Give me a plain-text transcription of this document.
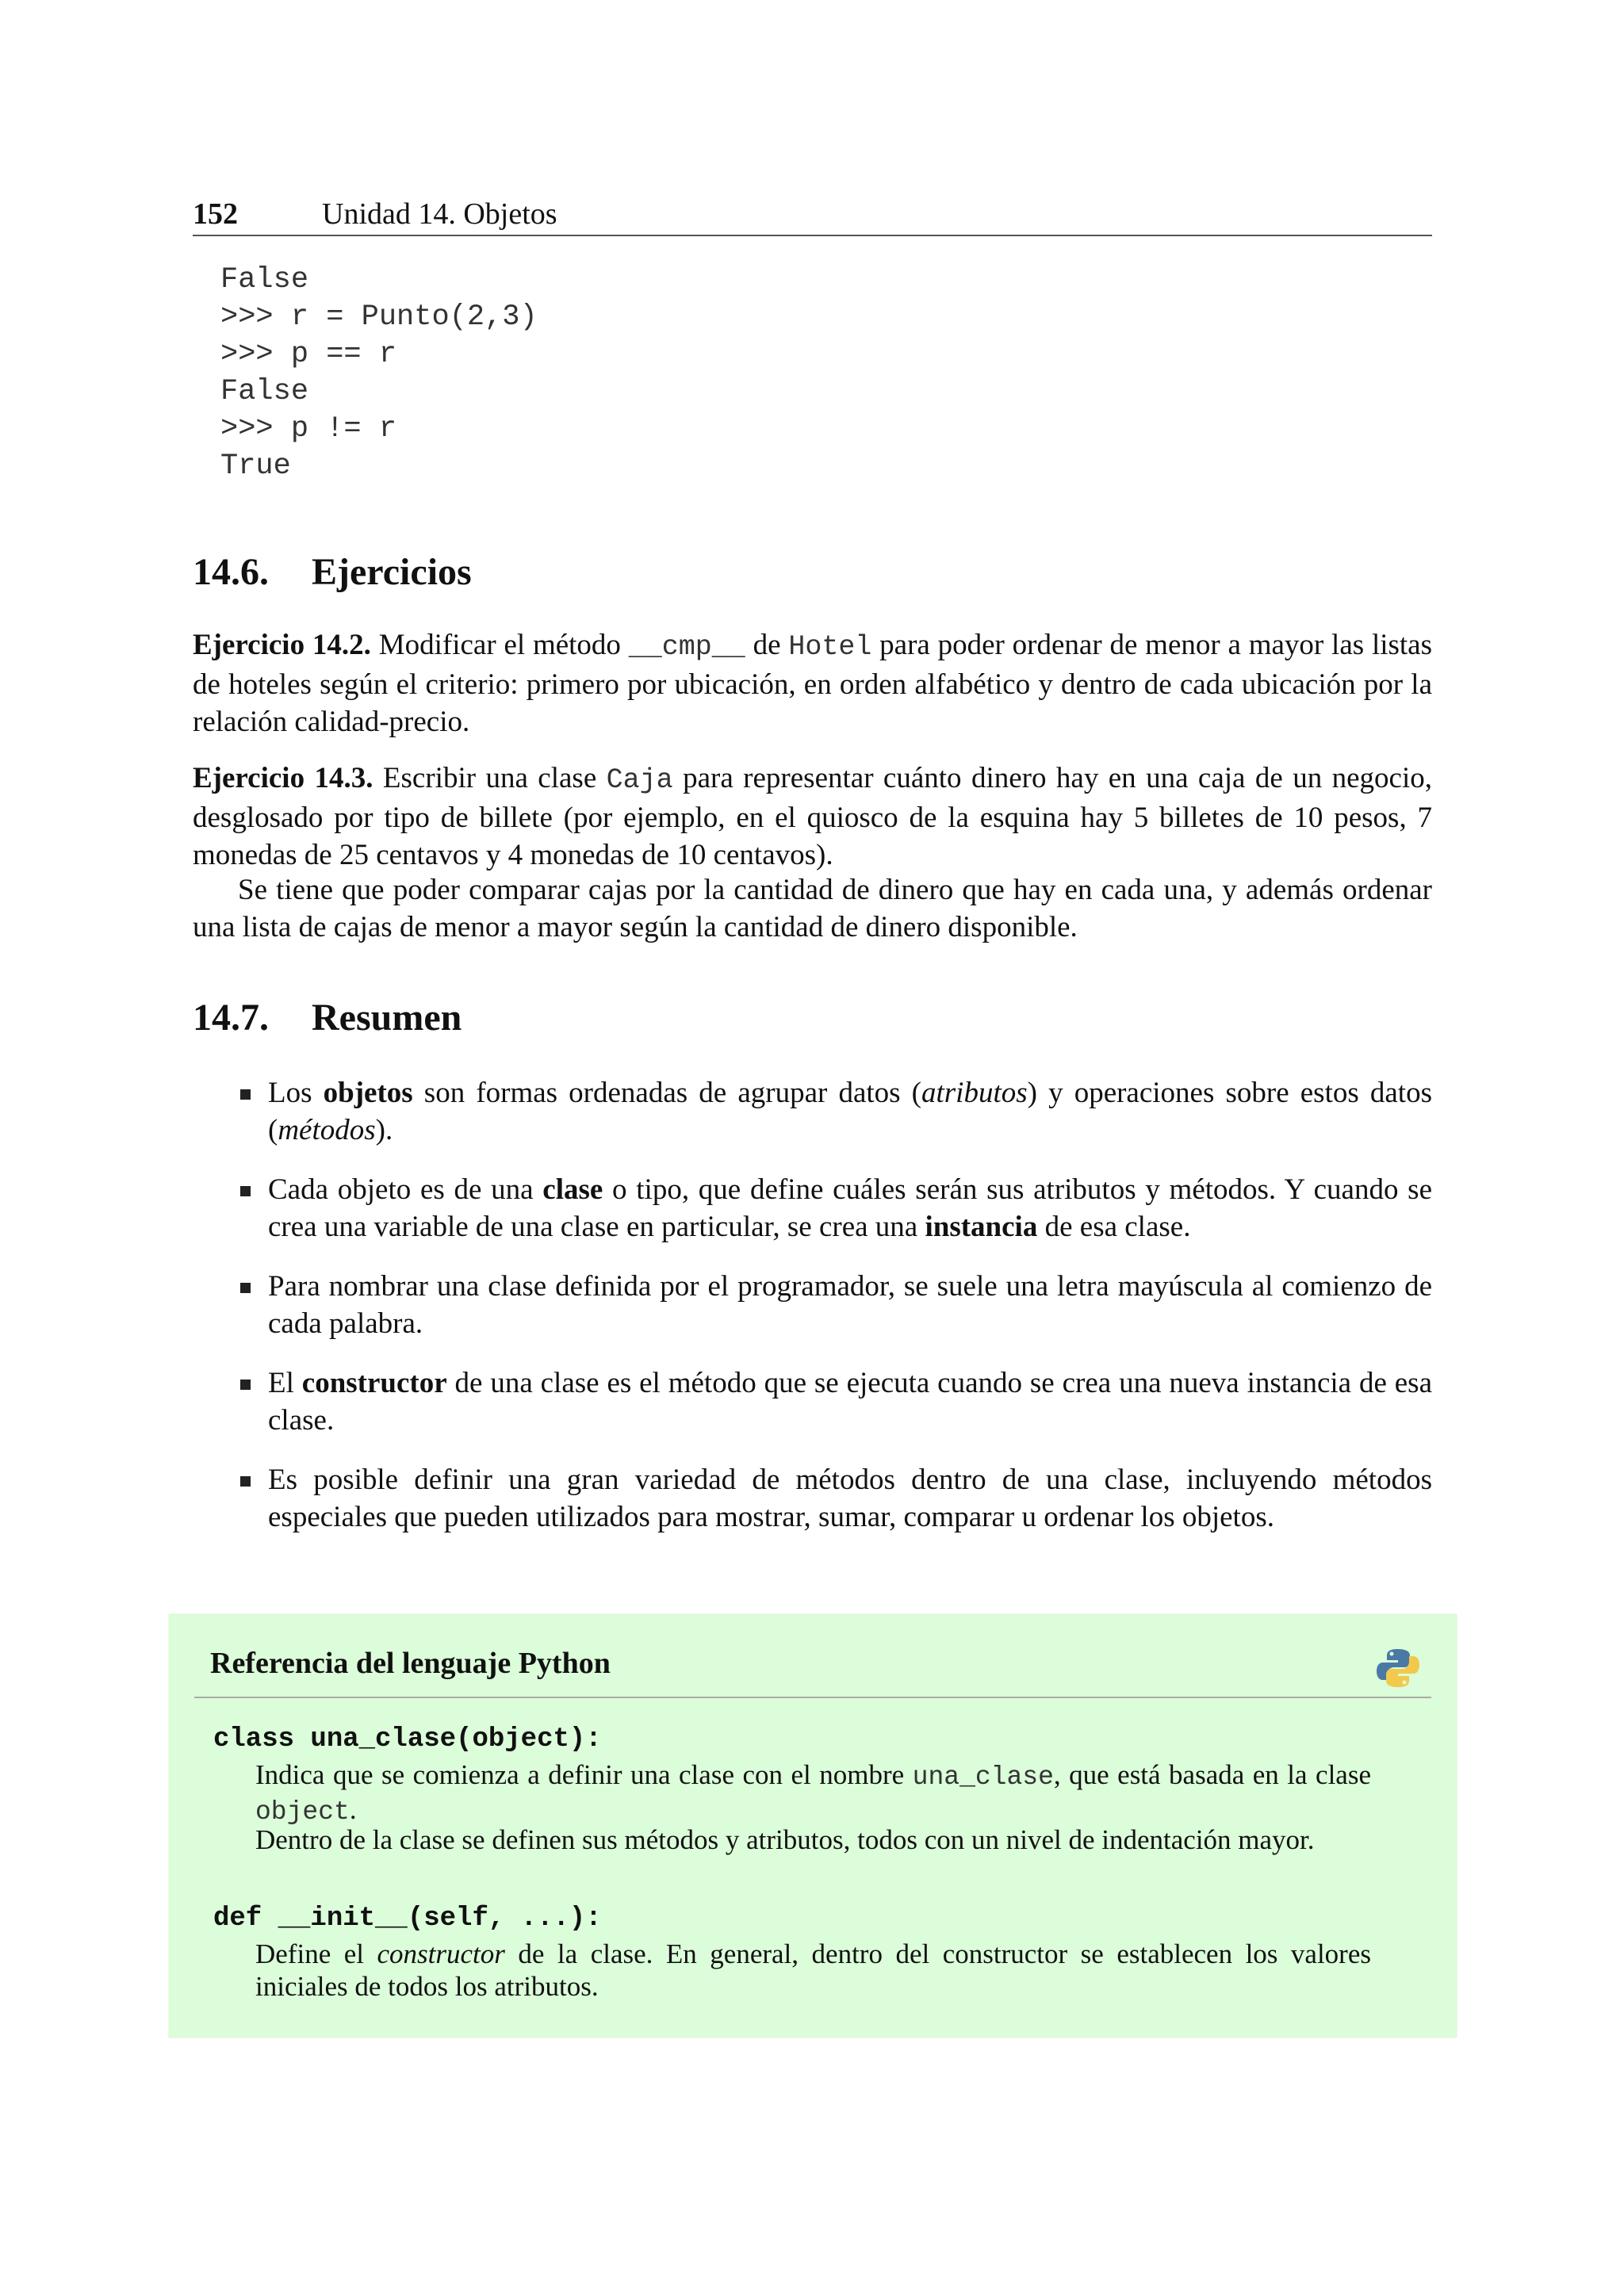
152	Unidad 14. Objetos
False
>>> r = Punto(2,3)
>>> p == r
False
>>> p != r
True
14.6. Ejercicios

Ejercicio 14.2. Modificar el método __cmp__ de Hotel para poder ordenar de menor a mayor las listas de hoteles según el criterio: primero por ubicación, en orden alfabético y dentro de cada ubicación por la relación calidad-precio.

Ejercicio 14.3. Escribir una clase Caja para representar cuánto dinero hay en una caja de un negocio, desglosado por tipo de billete (por ejemplo, en el quiosco de la esquina hay 5 billetes de 10 pesos, 7 monedas de 25 centavos y 4 monedas de 10 centavos).

Se tiene que poder comparar cajas por la cantidad de dinero que hay en cada una, y además ordenar una lista de cajas de menor a mayor según la cantidad de dinero disponible.

14.7. Resumen
Los objetos son formas ordenadas de agrupar datos (atributos) y operaciones sobre estos datos (métodos).
Cada objeto es de una clase o tipo, que define cuáles serán sus atributos y métodos. Y cuando se crea una variable de una clase en particular, se crea una instancia de esa clase.
Para nombrar una clase definida por el programador, se suele una letra mayúscula al comienzo de cada palabra.
El constructor de una clase es el método que se ejecuta cuando se crea una nueva instancia de esa clase.
Es posible definir una gran variedad de métodos dentro de una clase, incluyendo métodos especiales que pueden utilizados para mostrar, sumar, comparar u ordenar los objetos.
Referencia del lenguaje Python
class una_clase(object):

Indica que se comienza a definir una clase con el nombre una_clase, que está basada en la clase object.

Dentro de la clase se definen sus métodos y atributos, todos con un nivel de indentación mayor.

def __init__(self, ...):

Define el constructor de la clase. En general, dentro del constructor se establecen los valores iniciales de todos los atributos.
